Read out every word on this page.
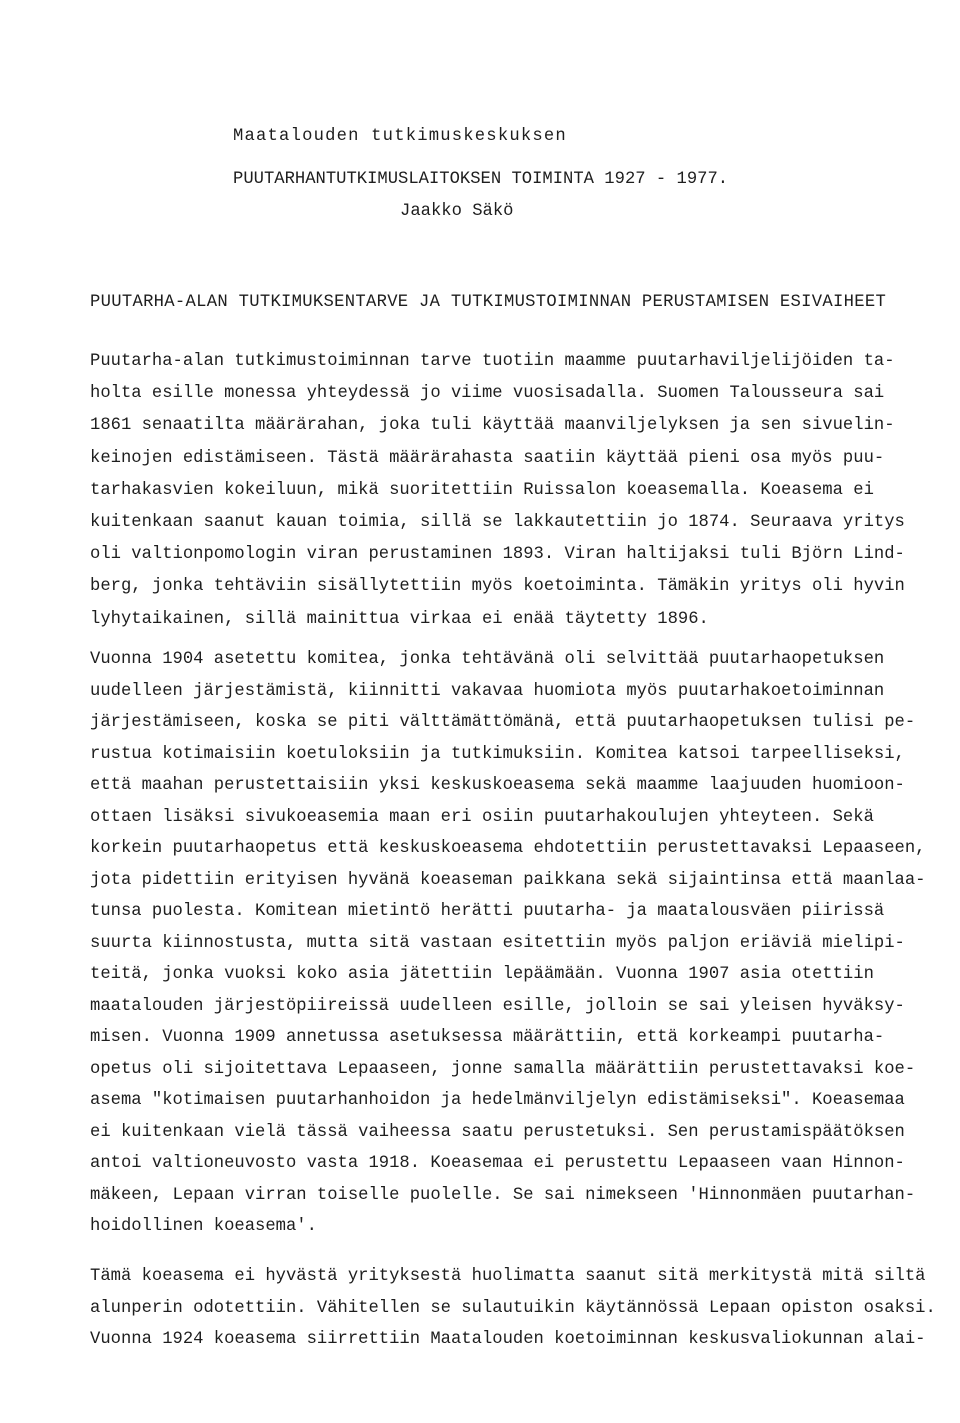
Maatalouden tutkimuskeskuksen
PUUTARHANTUTKIMUSLAITOKSEN TOIMINTA 1927 - 1977.
Jaakko Säkö
PUUTARHA-ALAN TUTKIMUKSENTARVE JA TUTKIMUSTOIMINNAN PERUSTAMISEN ESIVAIHEET
Puutarha-alan tutkimustoiminnan tarve tuotiin maamme puutarhaviljelijöiden ta-
holta esille monessa yhteydessä jo viime vuosisadalla. Suomen Talousseura sai
1861 senaatilta määrärahan, joka tuli käyttää maanviljelyksen ja sen sivuelin-
keinojen edistämiseen. Tästä määrärahasta saatiin käyttää pieni osa myös puu-
tarhakasvien kokeiluun, mikä suoritettiin Ruissalon koeasemalla. Koeasema ei
kuitenkaan saanut kauan toimia, sillä se lakkautettiin jo 1874. Seuraava yritys
oli valtionpomologin viran perustaminen 1893. Viran haltijaksi tuli Björn Lind-
berg, jonka tehtäviin sisällytettiin myös koetoiminta. Tämäkin yritys oli hyvin
lyhytaikainen, sillä mainittua virkaa ei enää täytetty 1896.
Vuonna 1904 asetettu komitea, jonka tehtävänä oli selvittää puutarhaopetuksen
uudelleen järjestämistä, kiinnitti vakavaa huomiota myös puutarhakoetoiminnan
järjestämiseen, koska se piti välttämättömänä, että puutarhaopetuksen tulisi pe-
rustua kotimaisiin koetuloksiin ja tutkimuksiin. Komitea katsoi tarpeelliseksi,
että maahan perustettaisiin yksi keskuskoeasema sekä maamme laajuuden huomioon-
ottaen lisäksi sivukoeasemia maan eri osiin puutarhakoulujen yhteyteen. Sekä
korkein puutarhaopetus että keskuskoeasema ehdotettiin perustettavaksi Lepaaseen,
jota pidettiin erityisen hyvänä koeaseman paikkana sekä sijaintinsa että maanlaa-
tunsa puolesta. Komitean mietintö herätti puutarha- ja maatalousväen piirissä
suurta kiinnostusta, mutta sitä vastaan esitettiin myös paljon eriäviä mielipi-
teitä, jonka vuoksi koko asia jätettiin lepäämään. Vuonna 1907 asia otettiin
maatalouden järjestöpiireissä uudelleen esille, jolloin se sai yleisen hyväksy-
misen. Vuonna 1909 annetussa asetuksessa määrättiin, että korkeampi puutarha-
opetus oli sijoitettava Lepaaseen, jonne samalla määrättiin perustettavaksi koe-
asema "kotimaisen puutarhanhoidon ja hedelmänviljelyn edistämiseksi". Koeasemaa
ei kuitenkaan vielä tässä vaiheessa saatu perustetuksi. Sen perustamispäätöksen
antoi valtioneuvosto vasta 1918. Koeasemaa ei perustettu Lepaaseen vaan Hinnon-
mäkeen, Lepaan virran toiselle puolelle. Se sai nimekseen 'Hinnonmäen puutarhan-
hoidollinen koeasema'.
Tämä koeasema ei hyvästä yrityksestä huolimatta saanut sitä merkitystä mitä siltä
alunperin odotettiin. Vähitellen se sulautuikin käytännössä Lepaan opiston osaksi.
Vuonna 1924 koeasema siirrettiin Maatalouden koetoiminnan keskusvaliokunnan alai-
